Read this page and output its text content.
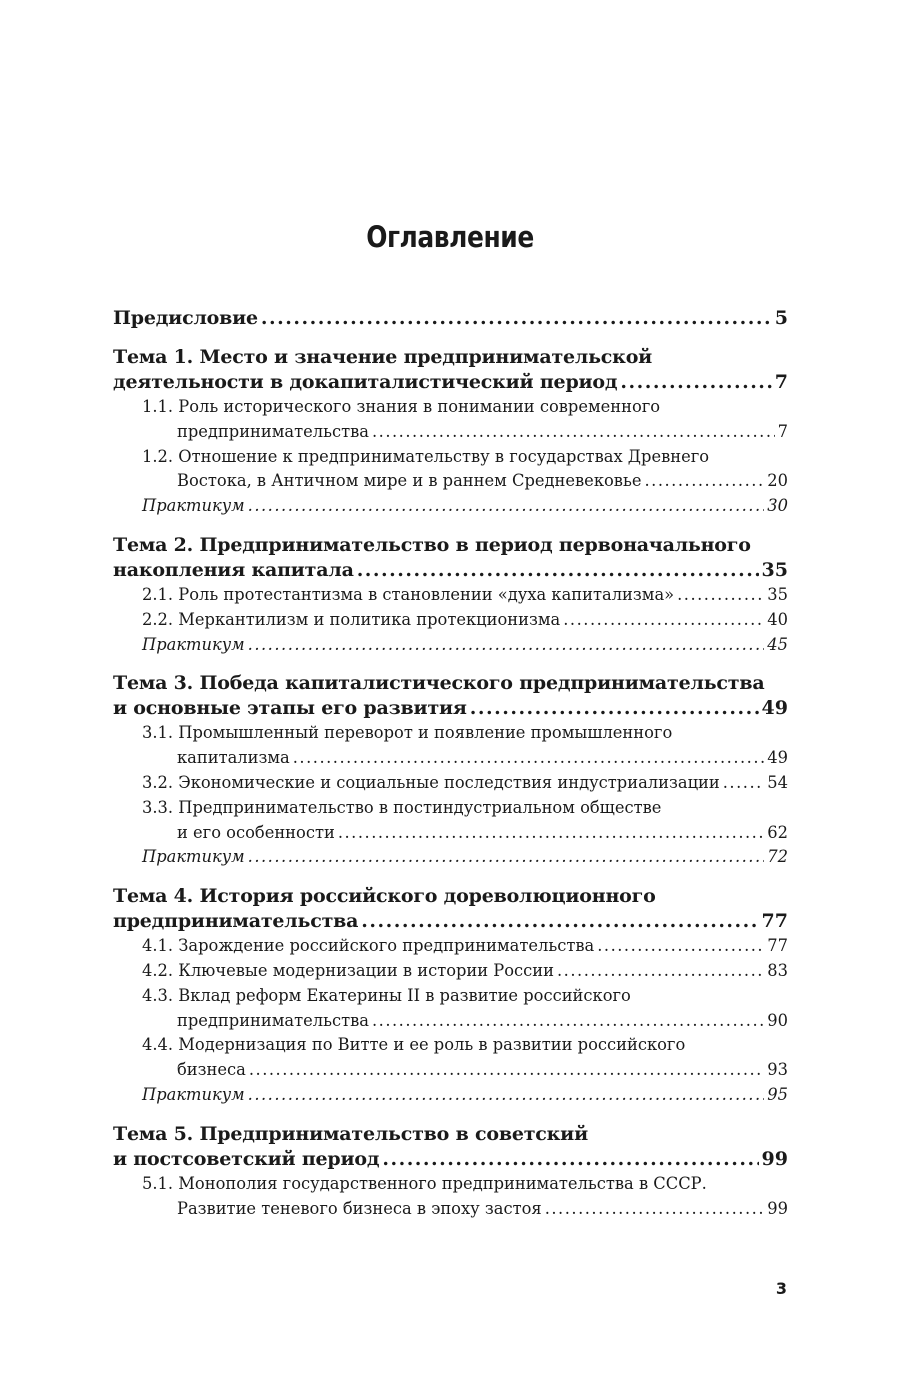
Оглавление
Предисловие .....	5
Тема 1. Место и значение предпринимательской
деятельности в докапиталистический период .....	7
1.1. Роль исторического знания в понимании современного
предпринимательства .....	7
1.2. Отношение к предпринимательству в государствах Древнего
Востока, в Античном мире и в раннем Средневековье .....	20
Практикум .....	30
Тема 2. Предпринимательство в период первоначального
накопления капитала .....	35
2.1. Роль протестантизма в становлении «духа капитализма» .....	35
2.2. Меркантилизм и политика протекционизма .....	40
Практикум .....	45
Тема 3. Победа капиталистического предпринимательства
и основные этапы его развития .....	49
3.1. Промышленный переворот и появление промышленного
капитализма .....	49
3.2. Экономические и социальные последствия индустриализации .....	54
3.3. Предпринимательство в постиндустриальном обществе
и его особенности .....	62
Практикум .....	72
Тема 4. История российского дореволюционного
предпринимательства .....	77
4.1. Зарождение российского предпринимательства .....	77
4.2. Ключевые модернизации в истории России .....	83
4.3. Вклад реформ Екатерины II в развитие российского
предпринимательства .....	90
4.4. Модернизация по Витте и ее роль в развитии российского
бизнеса .....	93
Практикум .....	95
Тема 5. Предпринимательство в советский
и постсоветский период .....	99
5.1. Монополия государственного предпринимательства в СССР.
Развитие теневого бизнеса в эпоху застоя .....	99
3
